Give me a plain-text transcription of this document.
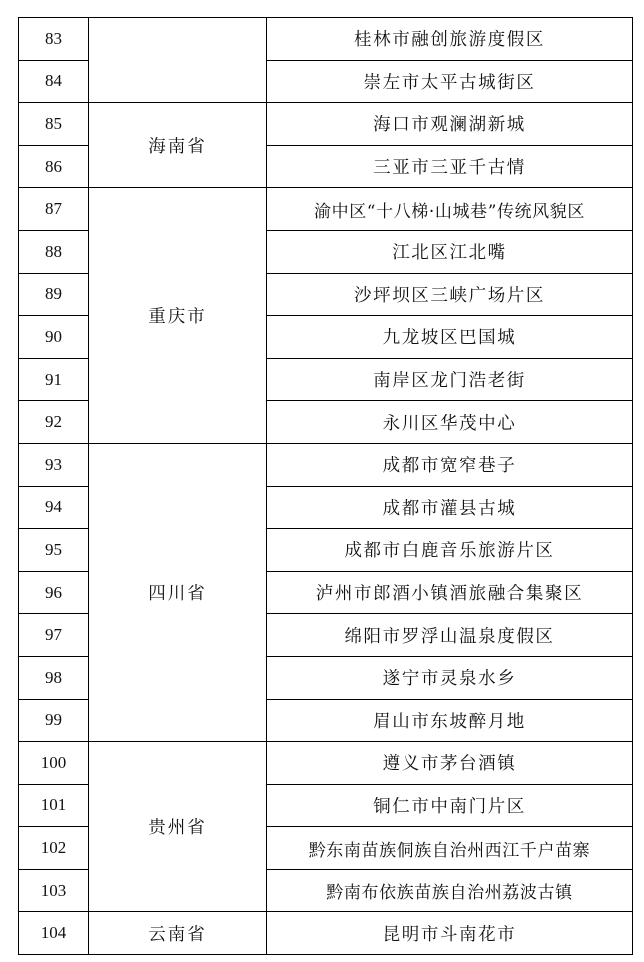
83		桂林市融创旅游度假区
84		崇左市太平古城街区
85	海南省	海口市观澜湖新城
86		三亚市三亚千古情
87	重庆市	渝中区“十八梯·山城巷”传统风貌区
88		江北区江北嘴
89		沙坪坝区三峡广场片区
90		九龙坡区巴国城
91		南岸区龙门浩老街
92		永川区华茂中心
93	四川省	成都市宽窄巷子
94		成都市灌县古城
95		成都市白鹿音乐旅游片区
96		泸州市郎酒小镇酒旅融合集聚区
97		绵阳市罗浮山温泉度假区
98		遂宁市灵泉水乡
99		眉山市东坡醉月地
100	贵州省	遵义市茅台酒镇
101		铜仁市中南门片区
102		黔东南苗族侗族自治州西江千户苗寨
103		黔南布依族苗族自治州荔波古镇
104	云南省	昆明市斗南花市
